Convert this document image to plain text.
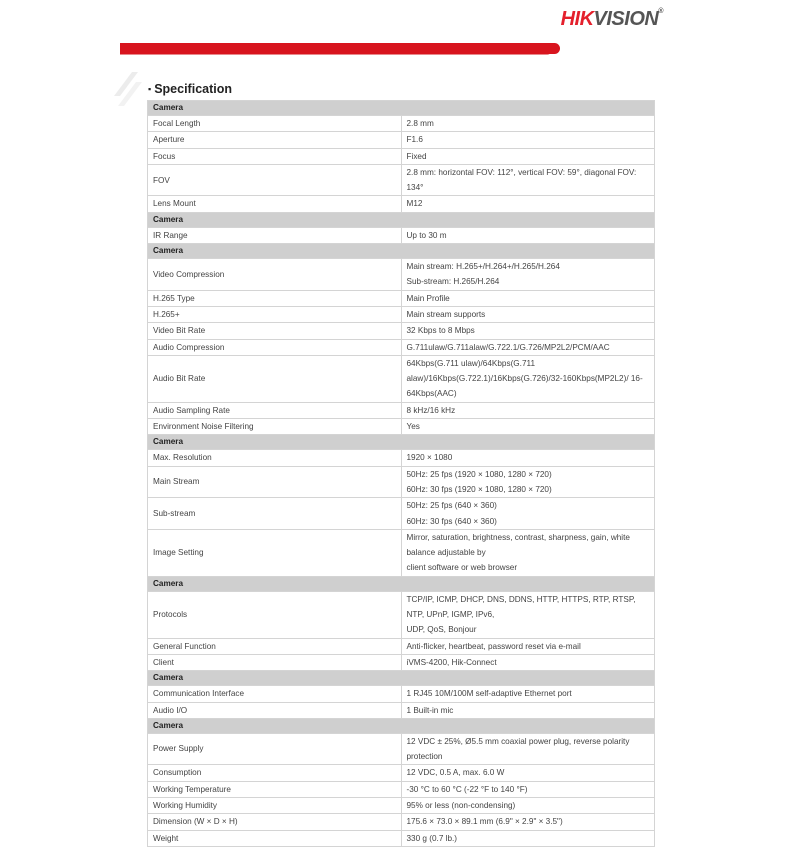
HIKVISION®
▪ Specification
Camera	
Focal Length	2.8 mm

Aperture	F1.6

Focus	Fixed

FOV	2.8 mm: horizontal FOV: 112°, vertical FOV: 59°, diagonal FOV: 134°

Lens Mount	M12

Camera	
IR Range	Up to 30 m

Camera	
Video Compression	Main stream: H.265+/H.264+/H.265/H.264
Sub-stream: H.265/H.264

H.265 Type	Main Profile

H.265+	Main stream supports

Video Bit Rate	32 Kbps to 8 Mbps

Audio Compression	G.711ulaw/G.711alaw/G.722.1/G.726/MP2L2/PCM/AAC

Audio Bit Rate	64Kbps(G.711 ulaw)/64Kbps(G.711
alaw)/16Kbps(G.722.1)/16Kbps(G.726)/32-160Kbps(MP2L2)/ 16-64Kbps(AAC)

Audio Sampling Rate	8 kHz/16 kHz

Environment Noise Filtering	Yes

Camera	
Max. Resolution	1920 × 1080

Main Stream	50Hz: 25 fps (1920 × 1080, 1280 × 720)
60Hz: 30 fps (1920 × 1080, 1280 × 720)

Sub-stream	50Hz: 25 fps (640 × 360)
60Hz: 30 fps (640 × 360)

Image Setting	Mirror, saturation, brightness, contrast, sharpness, gain, white balance adjustable by
client software or web browser

Camera	
Protocols	TCP/IP, ICMP, DHCP, DNS, DDNS, HTTP, HTTPS, RTP, RTSP, NTP, UPnP, IGMP, IPv6,
UDP, QoS, Bonjour

General Function	Anti-flicker, heartbeat, password reset via e-mail

Client	iVMS-4200, Hik-Connect

Camera	
Communication Interface	1 RJ45 10M/100M self-adaptive Ethernet port

Audio I/O	1 Built-in mic

Camera	
Power Supply	12 VDC ± 25%, Ø5.5 mm coaxial power plug, reverse polarity protection

Consumption	12 VDC, 0.5 A, max. 6.0 W

Working Temperature	-30 °C to 60 °C (-22 °F to 140 °F)

Working Humidity	95% or less (non-condensing)

Dimension (W × D × H)	175.6 × 73.0 × 89.1 mm (6.9" × 2.9" × 3.5")

Weight	330 g (0.7 lb.)
